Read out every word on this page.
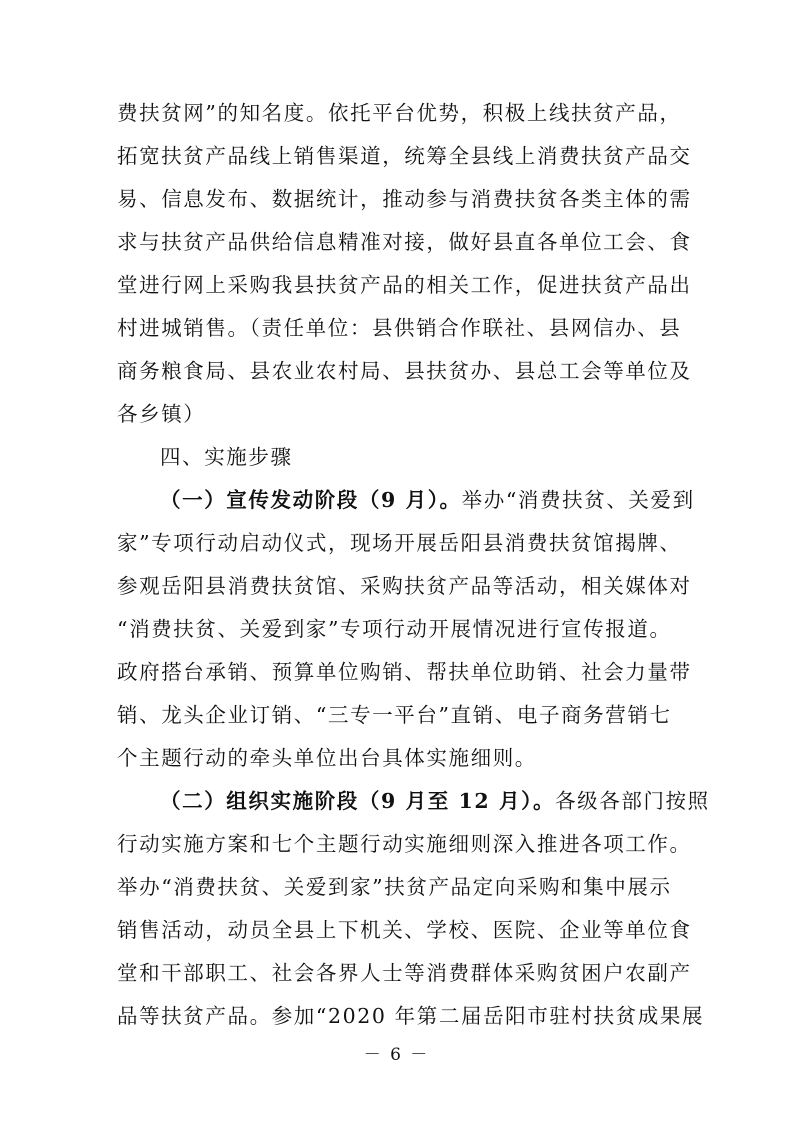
费扶贫网”的知名度。依托平台优势，积极上线扶贫产品，
拓宽扶贫产品线上销售渠道，统筹全县线上消费扶贫产品交
易、信息发布、数据统计，推动参与消费扶贫各类主体的需
求与扶贫产品供给信息精准对接，做好县直各单位工会、食
堂进行网上采购我县扶贫产品的相关工作，促进扶贫产品出
村进城销售。（责任单位：县供销合作联社、县网信办、县
商务粮食局、县农业农村局、县扶贫办、县总工会等单位及
各乡镇）
四、实施步骤
（一）宣传发动阶段（9 月）。举办“消费扶贫、关爱到
家”专项行动启动仪式，现场开展岳阳县消费扶贫馆揭牌、
参观岳阳县消费扶贫馆、采购扶贫产品等活动，相关媒体对
“消费扶贫、关爱到家”专项行动开展情况进行宣传报道。
政府搭台承销、预算单位购销、帮扶单位助销、社会力量带
销、龙头企业订销、“三专一平台”直销、电子商务营销七
个主题行动的牵头单位出台具体实施细则。
（二）组织实施阶段（9 月至 12 月）。各级各部门按照
行动实施方案和七个主题行动实施细则深入推进各项工作。
举办“消费扶贫、关爱到家”扶贫产品定向采购和集中展示
销售活动，动员全县上下机关、学校、医院、企业等单位食
堂和干部职工、社会各界人士等消费群体采购贫困户农副产
品等扶贫产品。参加“2020 年第二届岳阳市驻村扶贫成果展
－ 6 －
